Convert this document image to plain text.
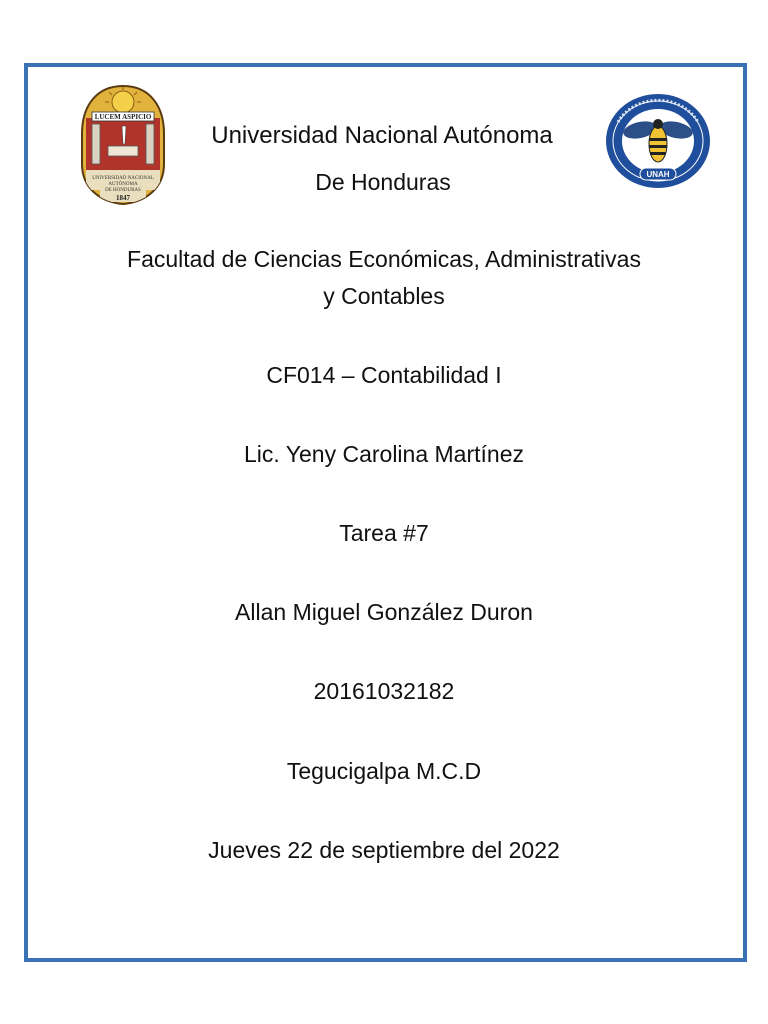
LUCEM ASPICIO
UNIVERSIDAD NACIONAL
AUTÓNOMA
DE HONDURAS
1847
UNAH
Universidad Nacional Autónoma
De Honduras
Facultad de Ciencias Económicas, Administrativas
y Contables
CF014 – Contabilidad I
Lic. Yeny Carolina Martínez
Tarea #7
Allan Miguel González Duron
20161032182
Tegucigalpa M.C.D
Jueves 22 de septiembre del 2022
